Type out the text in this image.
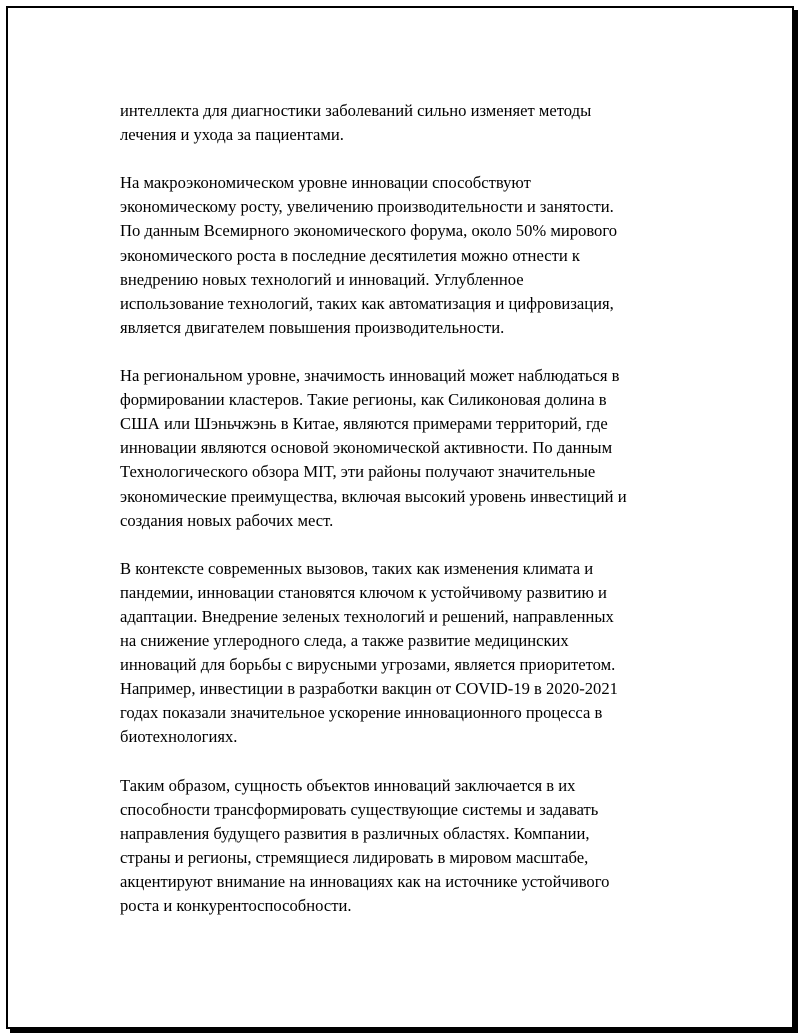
интеллекта для диагностики заболеваний сильно изменяет методы
лечения и ухода за пациентами.

На макроэкономическом уровне инновации способствуют
экономическому росту, увеличению производительности и занятости.
По данным Всемирного экономического форума, около 50% мирового
экономического роста в последние десятилетия можно отнести к
внедрению новых технологий и инноваций. Углубленное
использование технологий, таких как автоматизация и цифровизация,
является двигателем повышения производительности.

На региональном уровне, значимость инноваций может наблюдаться в
формировании кластеров. Такие регионы, как Силиконовая долина в
США или Шэньчжэнь в Китае, являются примерами территорий, где
инновации являются основой экономической активности. По данным
Технологического обзора MIT, эти районы получают значительные
экономические преимущества, включая высокий уровень инвестиций и
создания новых рабочих мест.

В контексте современных вызовов, таких как изменения климата и
пандемии, инновации становятся ключом к устойчивому развитию и
адаптации. Внедрение зеленых технологий и решений, направленных
на снижение углеродного следа, а также развитие медицинских
инноваций для борьбы с вирусными угрозами, является приоритетом.
Например, инвестиции в разработки вакцин от COVID-19 в 2020-2021
годах показали значительное ускорение инновационного процесса в
биотехнологиях.

Таким образом, сущность объектов инноваций заключается в их
способности трансформировать существующие системы и задавать
направления будущего развития в различных областях. Компании,
страны и регионы, стремящиеся лидировать в мировом масштабе,
акцентируют внимание на инновациях как на источнике устойчивого
роста и конкурентоспособности.
